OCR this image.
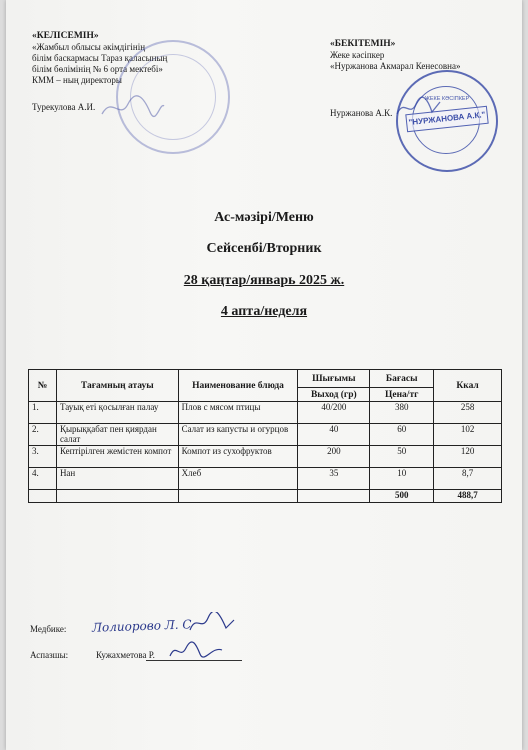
«КЕЛІСЕМІН»
«Жамбыл облысы әкімдігінің
білім баскармасы Тараз қаласының
білім бөлімінің № 6 орта мектебі»
КММ – ның директоры
Турекулова А.И.
«БЕКІТЕМІН»
Жеке кәсіпкер
«Нуржанова Акмарал Кенесовна»
Нуржанова А.К.
ЖЕКЕ КӘСІПКЕР
"НУРЖАНОВА А.К."
Ас-мәзірі/Меню
Сейсенбі/Вторник
28 қаңтар/январь 2025 ж.
4 апта/неделя
№	Тағамның атауы	Наименование блюда	Шығымы	Бағасы	Ккал
			Выход (гр)	Цена/тг	
1.	Тауық еті қосылған палау	Плов с мясом птицы	40/200	380	258
2.	Қырыққабат пен қиярдан салат	Салат из капусты и огурцов	40	60	102
3.	Кептірілген жемістен компот	Компот из сухофруктов	200	50	120
4.	Нан	Хлеб	35	10	8,7
				500	488,7
Медбике: Лолиорово Л. С
Аспазшы:	Кужахметова Р.
